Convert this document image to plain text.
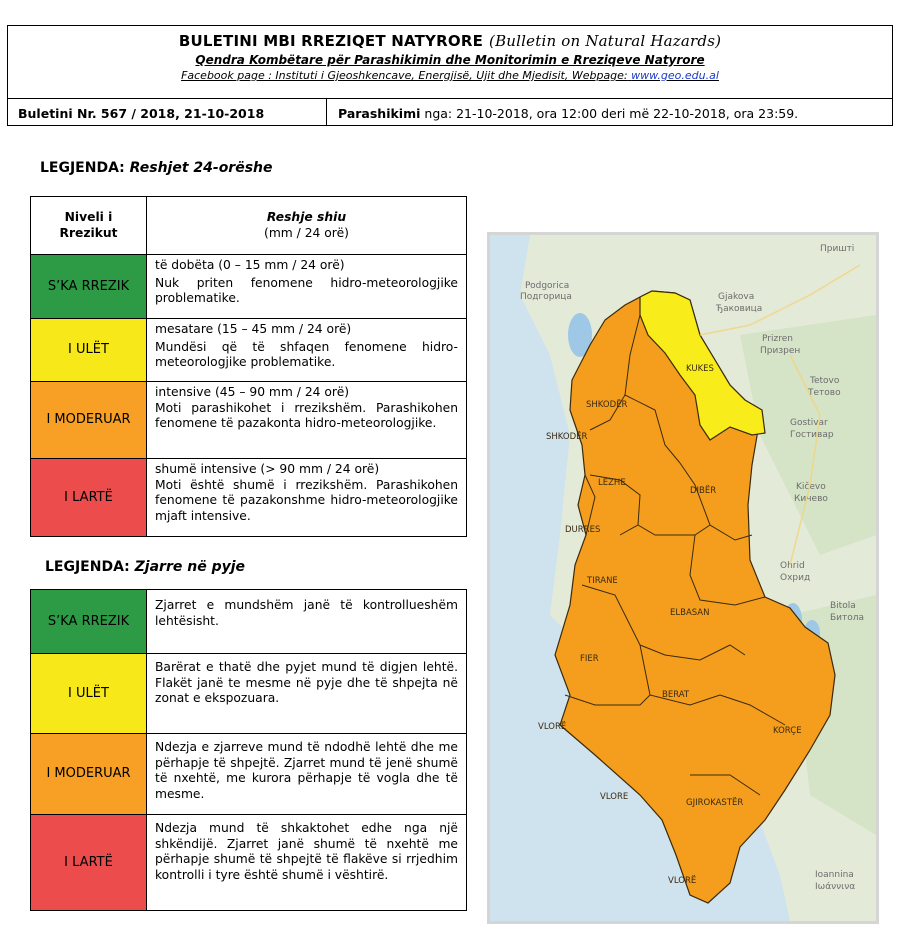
BULETINI MBI RREZIQET NATYRORE (Bulletin on Natural Hazards)
Qendra Kombëtare për Parashikimin dhe Monitorimin e Rreziqeve Natyrore
Facebook page : Instituti i Gjeoshkencave, Energjisë, Ujit dhe Mjedisit, Webpage: www.geo.edu.al
Buletini Nr. 567 / 2018, 21-10-2018	Parashikimi nga: 21-10-2018, ora 12:00 deri më 22-10-2018, ora 23:59.
LEGJENDA: Reshjet 24-orëshe
Niveli i Rrezikut	Reshje shiu
(mm / 24 orë)
S’KA RREZIK	të dobëta (0 – 15 mm / 24 orë)
Nuk priten fenomene hidro-meteorologjike problematike.

I ULËT	mesatare (15 – 45 mm / 24 orë)
Mundësi që të shfaqen fenomene hidro-meteorologjike problematike.

I MODERUAR	intensive (45 – 90 mm / 24 orë)
Moti parashikohet i rrezikshëm. Parashikohen fenomene të pazakonta hidro-meteorologjike.

I LARTË	shumë intensive (> 90 mm / 24 orë)
Moti është shumë i rrezikshëm. Parashikohen fenomene të pazakonshme hidro-meteorologjike mjaft intensive.
LEGJENDA: Zjarre në pyje
S’KA RREZIK	Zjarret e mundshëm janë të kontrollueshëm lehtësisht.
I ULËT	Barërat e thatë dhe pyjet mund të digjen lehtë. Flakët janë te mesme në pyje dhe të shpejta në zonat e ekspozuara.
I MODERUAR	Ndezja e zjarreve mund të ndodhë lehtë dhe me përhapje të shpejtë. Zjarret mund të jenë shumë të nxehtë, me kurora përhapje të vogla dhe të mesme.
I LARTË	Ndezja mund të shkaktohet edhe nga një shkëndijë. Zjarret janë shumë të nxehtë me përhapje shumë të shpejtë të flakëve si rrjedhim kontrolli i tyre është shumë i vështirë.
KUKES
SHKODËR
SHKODËR
LEZHE
DIBËR
DURRES
TIRANE
ELBASAN
FIER
BERAT
KORÇE
VLORË
VLORE
GJIROKASTËR
VLORË
Приштi
Podgorica
Подгорица	Gjakova
Ђаковица
Prizren
Призрен
Tetovo
Тетово
Gostivar
Гостивар
Kičevo
Кичево
Ohrid
Охрид
Bitola
Битола
Ioannina
Ιωάννινα
